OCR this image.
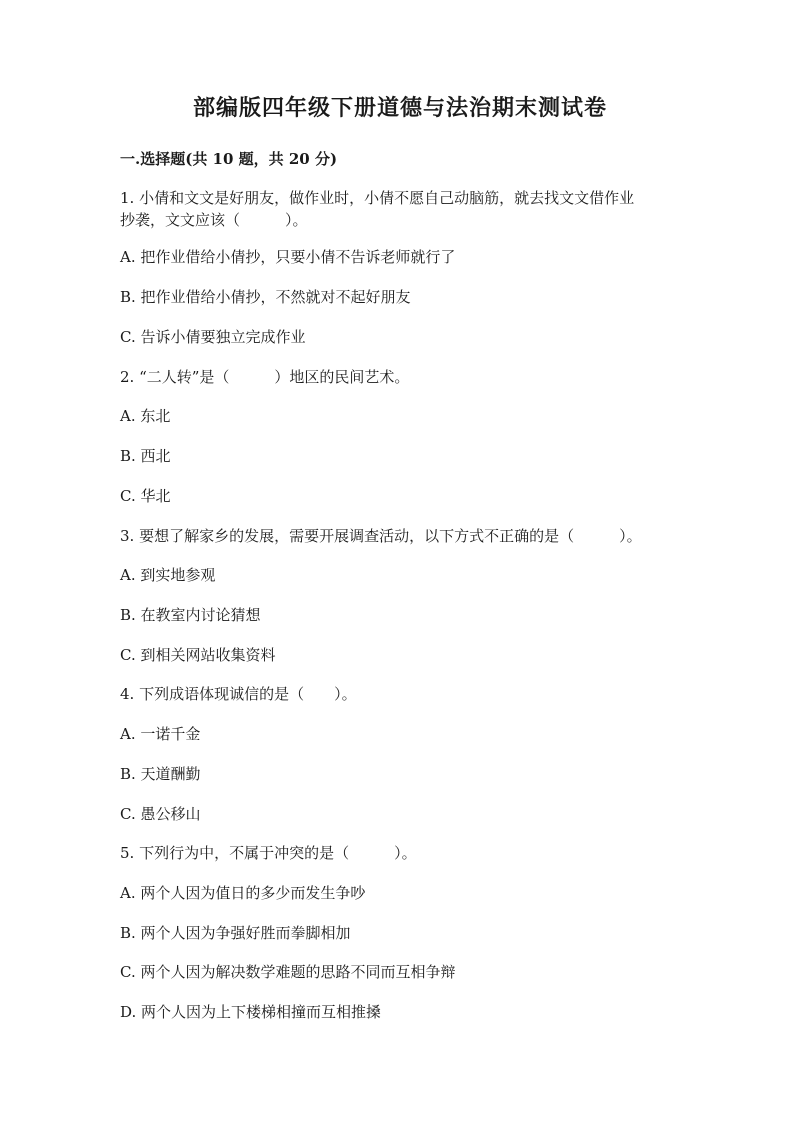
部编版四年级下册道德与法治期末测试卷
一.选择题(共 10 题，共 20 分)
1. 小倩和文文是好朋友，做作业时，小倩不愿自己动脑筋，就去找文文借作业
抄袭，文文应该（　　　）。
A. 把作业借给小倩抄，只要小倩不告诉老师就行了
B. 把作业借给小倩抄，不然就对不起好朋友
C. 告诉小倩要独立完成作业
2. “二人转”是（　　　）地区的民间艺术。
A. 东北
B. 西北
C. 华北
3. 要想了解家乡的发展，需要开展调查活动，以下方式不正确的是（　　　）。
A. 到实地参观
B. 在教室内讨论猜想
C. 到相关网站收集资料
4. 下列成语体现诚信的是（　　）。
A. 一诺千金
B. 天道酬勤
C. 愚公移山
5. 下列行为中，不属于冲突的是（　　　）。
A. 两个人因为值日的多少而发生争吵
B. 两个人因为争强好胜而拳脚相加
C. 两个人因为解决数学难题的思路不同而互相争辩
D. 两个人因为上下楼梯相撞而互相推搡
